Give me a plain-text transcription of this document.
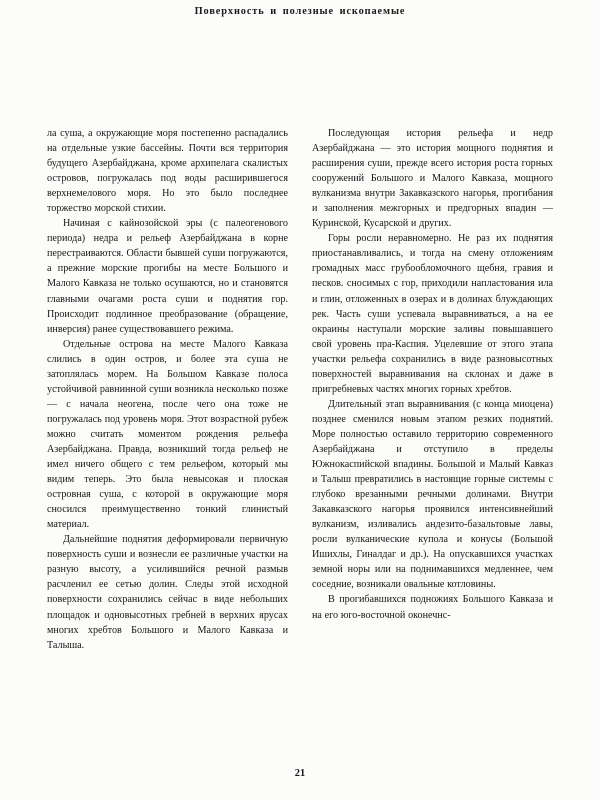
Поверхность и полезные ископаемые

ла суша, а окружающие моря постепенно распадались на отдельные узкие бассейны. Почти вся территория будущего Азербайджана, кроме архипелага скалистых островов, погружалась под воды расширившегося верхнемелового моря. Но это было последнее торжество морской стихии.

Начиная с кайнозойской эры (с палеогенового периода) недра и рельеф Азербайджана в корне перестраиваются. Области бывшей суши погружаются, а прежние морские прогибы на месте Большого и Малого Кавказа не только осушаются, но и становятся главными очагами роста суши и поднятия гор. Происходит подлинное преобразование (обращение, инверсия) ранее существовавшего режима.

Отдельные острова на месте Малого Кавказа слились в один остров, и более эта суша не затоплялась морем. На Большом Кавказе полоса устойчивой равнинной суши возникла несколько позже — с начала неогена, после чего она тоже не погружалась под уровень моря. Этот возрастной рубеж можно считать моментом рождения рельефа Азербайджана. Правда, возникший тогда рельеф не имел ничего общего с тем рельефом, который мы видим теперь. Это была невысокая и плоская островная суша, с которой в окружающие моря сносился преимущественно тонкий глинистый материал.

Дальнейшие поднятия деформировали первичную поверхность суши и вознесли ее различные участки на разную высоту, а усилившийся речной размыв расчленил ее сетью долин. Следы этой исходной поверхности сохранились сейчас в виде небольших площадок и одновысотных гребней в верхних ярусах многих хребтов Большого и Малого Кавказа и Талыша.

Последующая история рельефа и недр Азербайджана — это история мощного поднятия и расширения суши, прежде всего история роста горных сооружений Большого и Малого Кавказа, мощного вулканизма внутри Закавказского нагорья, прогибания и заполнения межгорных и предгорных впадин — Куринской, Кусарской и других.

Горы росли неравномерно. Не раз их поднятия приостанавливались, и тогда на смену отложениям громадных масс грубообломочного щебня, гравия и песков. сносимых с гор, приходили напластования ила и глин, отложенных в озерах и в долинах блуждающих рек. Часть суши успевала выравниваться, а на ее окраины наступали морские заливы повышавшего свой уровень пра-Каспия. Уцелевшие от этого этапа участки рельефа сохранились в виде разновысотных поверхностей выравнивания на склонах и даже в пригребневых частях многих горных хребтов.

Длительный этап выравнивания (с конца миоцена) позднее сменился новым этапом резких поднятий. Море полностью оставило территорию современного Азербайджана и отступило в пределы Южнокаспийской впадины. Большой и Малый Кавказ и Талыш превратились в настоящие горные системы с глубоко врезанными речными долинами. Внутри Закавказского нагорья проявился интенсивнейший вулканизм, изливались андезито-базальтовые лавы, росли вулканические купола и конусы (Большой Ишихлы, Гиналдаг и др.). На опускавшихся участках земной норы или на поднимавшихся медленнее, чем соседние, возникали овальные котловины.

В прогибавшихся подножиях Большого Кавказа и на его юго-восточной оконечнс-

21
